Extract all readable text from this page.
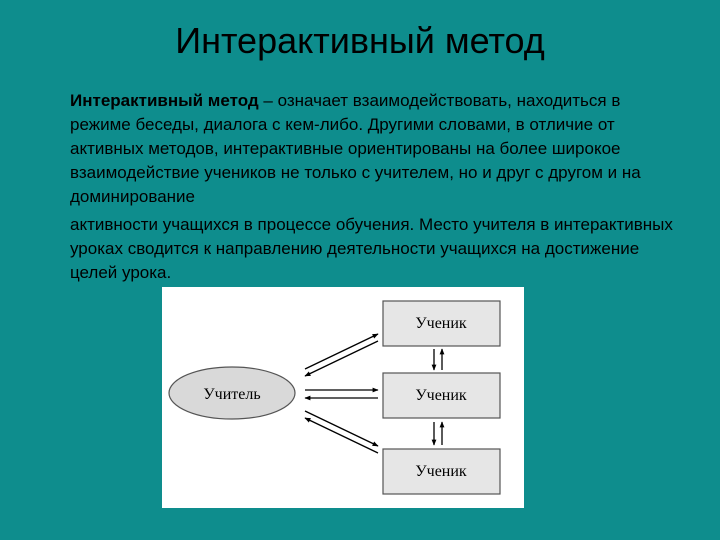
Интерактивный метод

Интерактивный метод – означает взаимодействовать, находиться в режиме беседы, диалога с кем-либо. Другими словами, в отличие от активных методов, интерактивные ориентированы на более широкое взаимодействие учеников не только с учителем, но и друг с другом и на доминирование

активности учащихся в процессе обучения. Место учителя в интерактивных уроках сводится к направлению деятельности учащихся на достижение целей урока.

Учитель
Ученик
Ученик
Ученик
